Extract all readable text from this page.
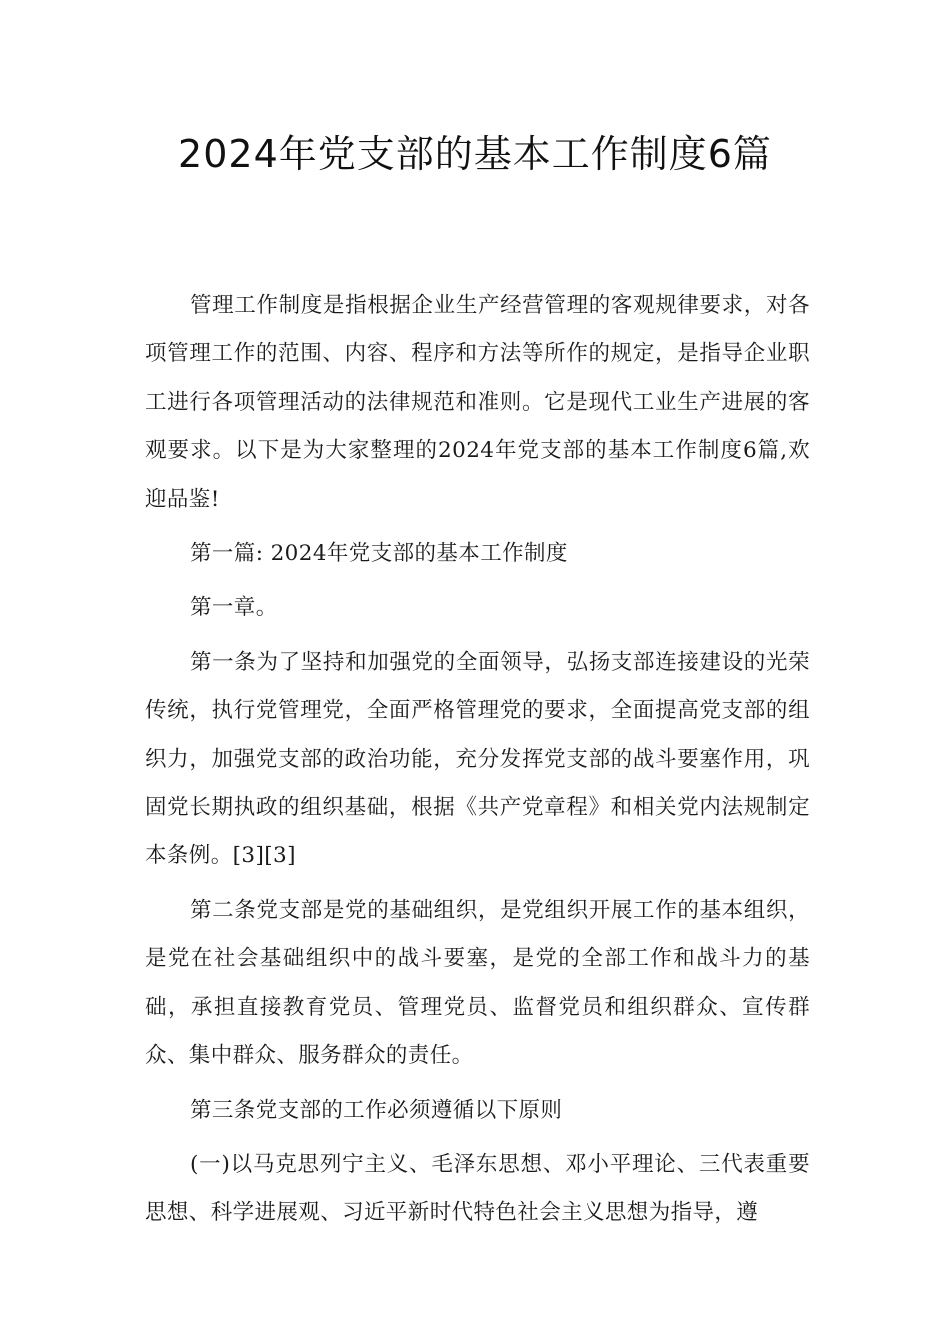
2024年党支部的基本工作制度6篇

管理工作制度是指根据企业生产经营管理的客观规律要求，对各项管理工作的范围、内容、程序和方法等所作的规定，是指导企业职工进行各项管理活动的法律规范和准则。它是现代工业生产进展的客观要求。以下是为大家整理的2024年党支部的基本工作制度6篇,欢迎品鉴!

第一篇: 2024年党支部的基本工作制度

第一章。

第一条为了坚持和加强党的全面领导，弘扬支部连接建设的光荣传统，执行党管理党，全面严格管理党的要求，全面提高党支部的组织力，加强党支部的政治功能，充分发挥党支部的战斗要塞作用，巩固党长期执政的组织基础，根据《共产党章程》和相关党内法规制定本条例。[3][3]

第二条党支部是党的基础组织，是党组织开展工作的基本组织，是党在社会基础组织中的战斗要塞，是党的全部工作和战斗力的基础，承担直接教育党员、管理党员、监督党员和组织群众、宣传群众、集中群众、服务群众的责任。

第三条党支部的工作必须遵循以下原则

(一)以马克思列宁主义、毛泽东思想、邓小平理论、三代表重要思想、科学进展观、习近平新时代特色社会主义思想为指导，遵
